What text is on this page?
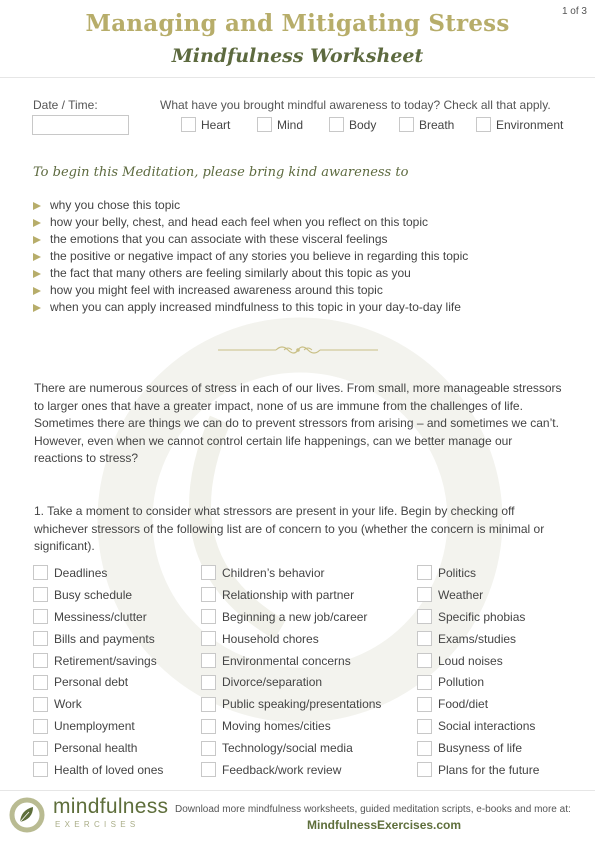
1 of 3
Managing and Mitigating Stress
Mindfulness Worksheet
Date / Time:	What have you brought mindful awareness to today? Check all that apply.
Heart	Mind	Body	Breath	Environment
To begin this Meditation, please bring kind awareness to
why you chose this topic
how your belly, chest, and head each feel when you reflect on this topic
the emotions that you can associate with these visceral feelings
the positive or negative impact of any stories you believe in regarding this topic
the fact that many others are feeling similarly about this topic as you
how you might feel with increased awareness around this topic
when you can apply increased mindfulness to this topic in your day-to-day life

There are numerous sources of stress in each of our lives. From small, more manageable stressors to larger ones that have a greater impact, none of us are immune from the challenges of life. Sometimes there are things we can do to prevent stressors from arising – and sometimes we can’t. However, even when we cannot control certain life happenings, can we better manage our reactions to stress?

1. Take a moment to consider what stressors are present in your life. Begin by checking off whichever stressors of the following list are of concern to you (whether the concern is minimal or significant).

Deadlines
Busy schedule
Messiness/clutter
Bills and payments
Retirement/savings
Personal debt
Work
Unemployment
Personal health
Health of loved ones
Children’s behavior
Relationship with partner
Beginning a new job/career
Household chores
Environmental concerns
Divorce/separation
Public speaking/presentations
Moving homes/cities
Technology/social media
Feedback/work review
Politics
Weather
Specific phobias
Exams/studies
Loud noises
Pollution
Food/diet
Social interactions
Busyness of life
Plans for the future
mindfulness
EXERCISES
Download more mindfulness worksheets, guided meditation scripts, e-books and more at:
MindfulnessExercises.com
